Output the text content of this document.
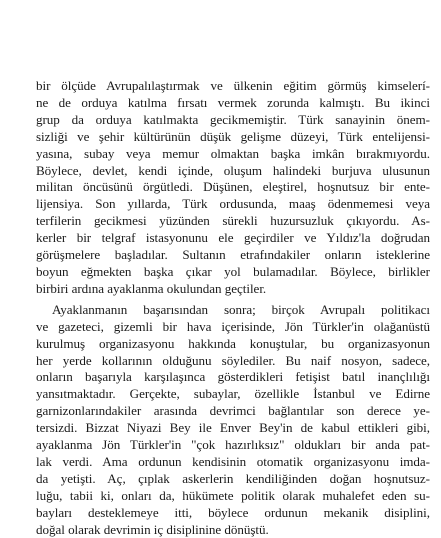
bir ölçüde Avrupalılaştırmak ve ülkenin eğitim görmüş kimselerí-
ne de orduya katılma fırsatı vermek zorunda kalmıştı. Bu ikinci
grup da orduya katılmakta gecikmemiştir. Türk sanayinin önem-
sizliği ve şehir kültürünün düşük gelişme düzeyi, Türk entelijensi-
yasına, subay veya memur olmaktan başka imkân bırakmıyordu.
Böylece, devlet, kendi içinde, oluşum halindeki burjuva ulusunun
militan öncüsünü örgütledi. Düşünen, eleştirel, hoşnutsuz bir ente-
lijensiya. Son yıllarda, Türk ordusunda, maaş ödenmemesi veya
terfilerin gecikmesi yüzünden sürekli huzursuzluk çıkıyordu. As-
kerler bir telgraf istasyonunu ele geçirdiler ve Yıldız'la doğrudan
görüşmelere başladılar. Sultanın etrafındakiler onların isteklerine
boyun eğmekten başka çıkar yol bulamadılar. Böylece, birlikler
birbiri ardına ayaklanma okulundan geçtiler.
Ayaklanmanın başarısından sonra; birçok Avrupalı politikacı
ve gazeteci, gizemli bir hava içerisinde, Jön Türkler'in olağanüstü
kurulmuş organizasyonu hakkında konuştular, bu organizasyonun
her yerde kollarının olduğunu söylediler. Bu naif nosyon, sadece,
onların başarıyla karşılaşınca gösterdikleri fetişist batıl inançlılığı
yansıtmaktadır. Gerçekte, subaylar, özellikle İstanbul ve Edirne
garnizonlarındakiler arasında devrimci bağlantılar son derece ye-
tersizdi. Bizzat Niyazi Bey ile Enver Bey'in de kabul ettikleri gibi,
ayaklanma Jön Türkler'in "çok hazırlıksız" oldukları bir anda pat-
lak verdi. Ama ordunun kendisinin otomatik organizasyonu imdа-
da yetişti. Aç, çıplak askerlerin kendiliğinden doğan hoşnutsuz-
luğu, tabii ki, onları da, hükümete politik olarak muhalefet eden su-
bayları desteklemeye itti, böylece ordunun mekanik disiplini,
doğal olarak devrimin iç disiplinine dönüştü.
